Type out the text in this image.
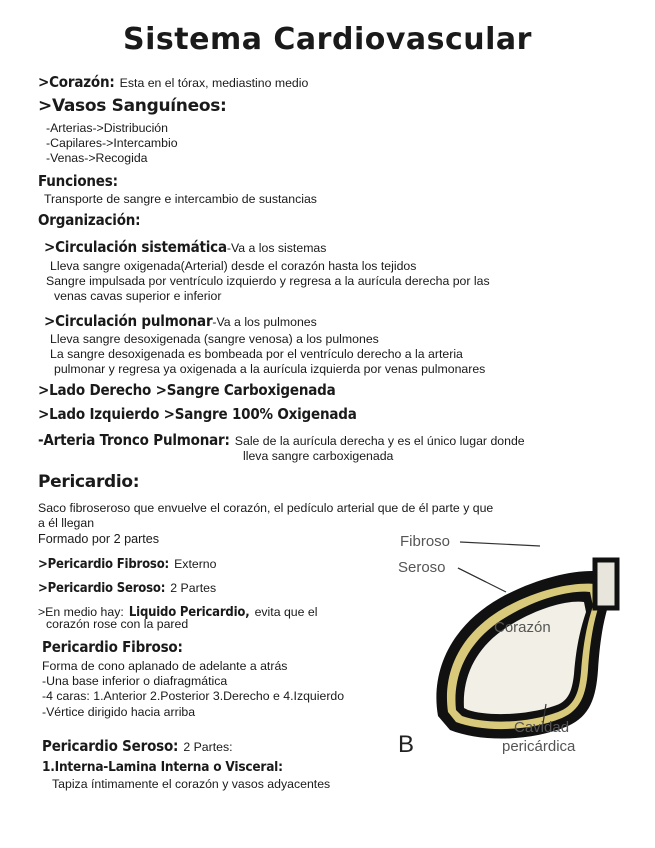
Sistema Cardiovascular
>Corazón: Esta en el tórax, mediastino medio
>Vasos Sanguíneos:
-Arterias->Distribución
-Capilares->Intercambio
-Venas->Recogida
Funciones:
Transporte de sangre e intercambio de sustancias
Organización:
>Circulación sistemática-Va a los sistemas
Lleva sangre oxigenada(Arterial) desde el corazón hasta los tejidos
Sangre impulsada por ventrículo izquierdo y regresa a la aurícula derecha por las
venas cavas superior e inferior
>Circulación pulmonar-Va a los pulmones
Lleva sangre desoxigenada (sangre venosa) a los pulmones
La sangre desoxigenada es bombeada por el ventrículo derecho a la arteria
pulmonar y regresa ya oxigenada a la aurícula izquierda por venas pulmonares
>Lado Derecho >Sangre Carboxigenada
>Lado Izquierdo >Sangre 100% Oxigenada
-Arteria Tronco Pulmonar: Sale de la aurícula derecha y es el único lugar donde
lleva sangre carboxigenada
Pericardio:
Saco fibroseroso que envuelve el corazón, el pedículo arterial que de él parte y que
a él llegan
Formado por 2 partes
>Pericardio Fibroso: Externo
>Pericardio Seroso: 2 Partes
>En medio hay: Liquido Pericardio, evita que el
corazón rose con la pared
Pericardio Fibroso:
Forma de cono aplanado de adelante a atrás
-Una base inferior o diafragmática
-4 caras: 1.Anterior 2.Posterior 3.Derecho e 4.Izquierdo
-Vértice dirigido hacia arriba
Pericardio Seroso: 2 Partes:
1.Interna-Lamina Interna o Visceral:
Tapiza íntimamente el corazón y vasos adyacentes
Fibroso
Seroso
Corazón
Cavidad
pericárdica
B
